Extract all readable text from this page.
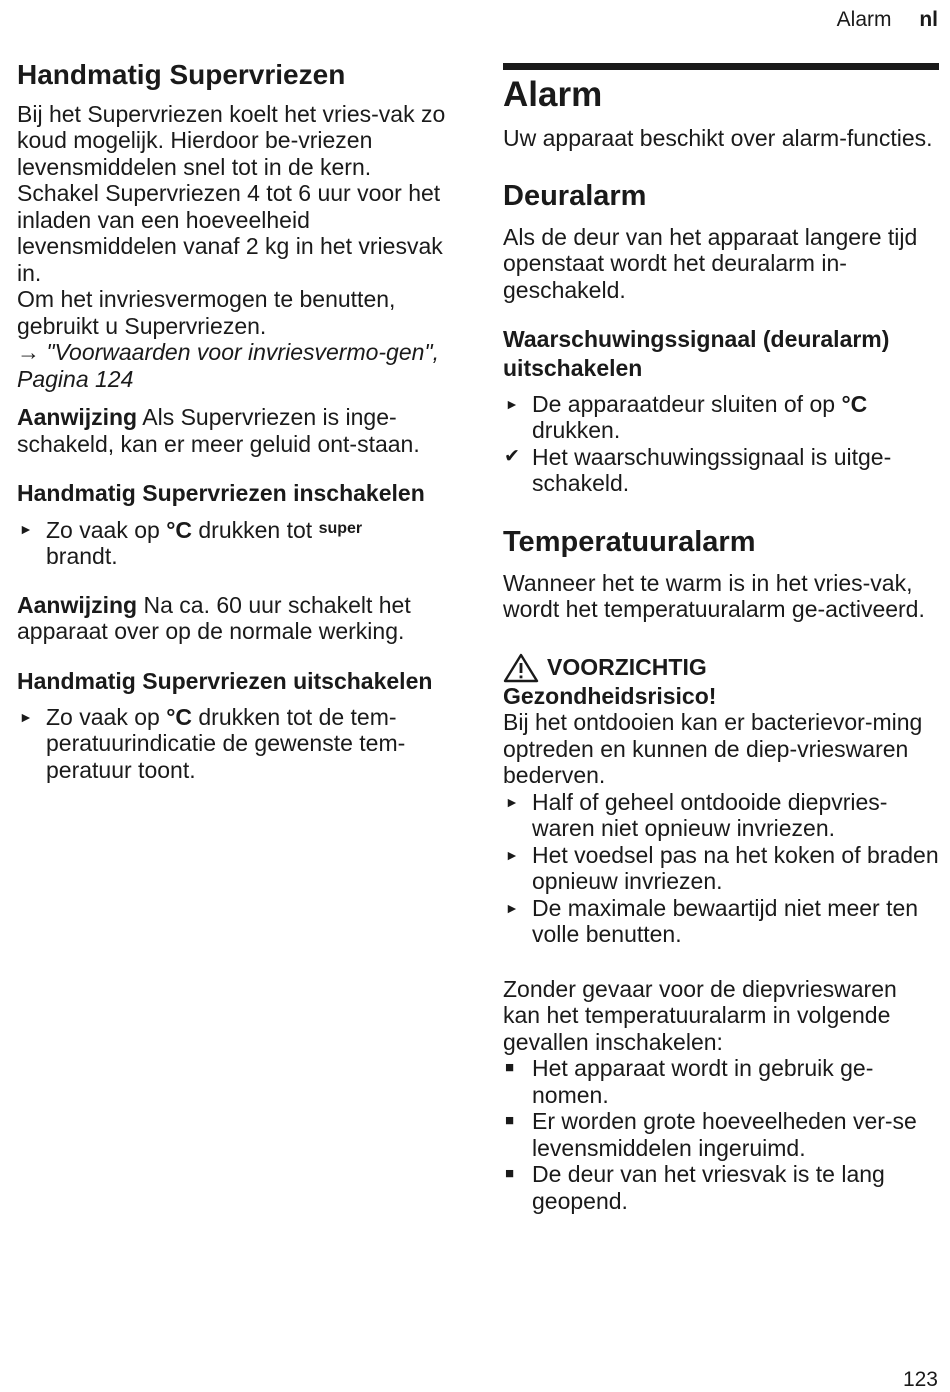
Alarm nl
Handmatig Supervriezen

Bij het Supervriezen koelt het vries-vak zo koud mogelijk. Hierdoor be-vriezen levensmiddelen snel tot in de kern.

Schakel Supervriezen 4 tot 6 uur voor het inladen van een hoeveelheid levensmiddelen vanaf 2 kg in het vriesvak in.

Om het invriesvermogen te benutten, gebruikt u Supervriezen.

→ "Voorwaarden voor invriesvermo-gen", Pagina 124

Aanwijzing Als Supervriezen is inge-schakeld, kan er meer geluid ont-staan.

Handmatig Supervriezen inschakelen
► Zo vaak op °C drukken tot $^{super}$
brandt.

Aanwijzing Na ca. 60 uur schakelt het apparaat over op de normale werking.

Handmatig Supervriezen uitschakelen
► Zo vaak op °C drukken tot de tem-peratuurindicatie de gewenste tem-peratuur toont.
Alarm

Uw apparaat beschikt over alarm-functies.

Deuralarm

Als de deur van het apparaat langere tijd openstaat wordt het deuralarm in-geschakeld.

Waarschuwingssignaal (deuralarm) uitschakelen
► De apparaatdeur sluiten of op °C drukken.
✔ Het waarschuwingssignaal is uitge-schakeld.
Temperatuuralarm

Wanneer het te warm is in het vries-vak, wordt het temperatuuralarm ge-activeerd.

VOORZICHTIG
Gezondheidsrisico!

Bij het ontdooien kan er bacterievor-ming optreden en kunnen de diep-vrieswaren bederven.

► Half of geheel ontdooide diepvries-waren niet opnieuw invriezen.
► Het voedsel pas na het koken of braden opnieuw invriezen.
► De maximale bewaartijd niet meer ten volle benutten.

Zonder gevaar voor de diepvrieswaren kan het temperatuuralarm in volgende gevallen inschakelen:

■ Het apparaat wordt in gebruik ge-nomen.
■ Er worden grote hoeveelheden ver-se levensmiddelen ingeruimd.
■ De deur van het vriesvak is te lang geopend.
123
